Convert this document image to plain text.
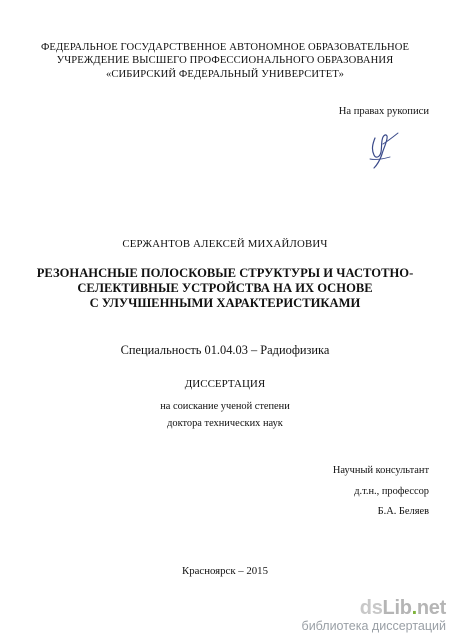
ФЕДЕРАЛЬНОЕ ГОСУДАРСТВЕННОЕ АВТОНОМНОЕ ОБРАЗОВАТЕЛЬНОЕ
УЧРЕЖДЕНИЕ ВЫСШЕГО ПРОФЕССИОНАЛЬНОГО ОБРАЗОВАНИЯ
«СИБИРСКИЙ ФЕДЕРАЛЬНЫЙ УНИВЕРСИТЕТ»
На правах рукописи
СЕРЖАНТОВ АЛЕКСЕЙ МИХАЙЛОВИЧ
РЕЗОНАНСНЫЕ ПОЛОСКОВЫЕ СТРУКТУРЫ И ЧАСТОТНО-
СЕЛЕКТИВНЫЕ УСТРОЙСТВА НА ИХ ОСНОВЕ
С УЛУЧШЕННЫМИ ХАРАКТЕРИСТИКАМИ
Специальность 01.04.03 – Радиофизика
ДИССЕРТАЦИЯ
на соискание ученой степени
доктора технических наук
Научный консультант
д.т.н., профессор
Б.А. Беляев
Красноярск – 2015
dsLib.net
библиотека диссертаций
